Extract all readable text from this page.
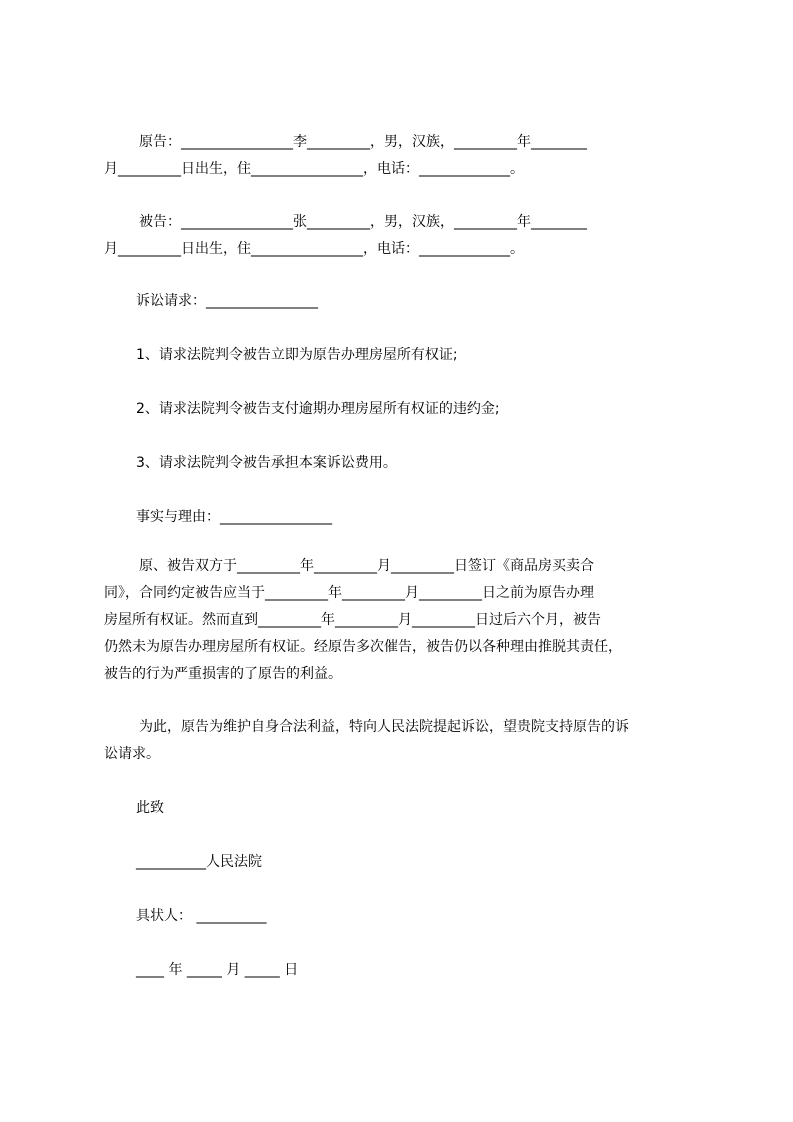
原告：________________李_________，男，汉族，_________年________
月_________日出生，住________________，电话：_____________。
被告：________________张_________，男，汉族，_________年________
月_________日出生，住________________，电话：_____________。
诉讼请求：________________
1、请求法院判令被告立即为原告办理房屋所有权证;
2、请求法院判令被告支付逾期办理房屋所有权证的违约金;
3、请求法院判令被告承担本案诉讼费用。
事实与理由：________________
原、被告双方于_________年_________月_________日签订《商品房买卖合
同》，合同约定被告应当于_________年_________月_________日之前为原告办理
房屋所有权证。然而直到_________年_________月_________日过后六个月，被告
仍然未为原告办理房屋所有权证。经原告多次催告，被告仍以各种理由推脱其责任，
被告的行为严重损害的了原告的利益。
为此，原告为维护自身合法利益，特向人民法院提起诉讼，望贵院支持原告的诉
讼请求。
此致
__________人民法院
具状人： __________
____ 年 _____ 月 _____ 日
